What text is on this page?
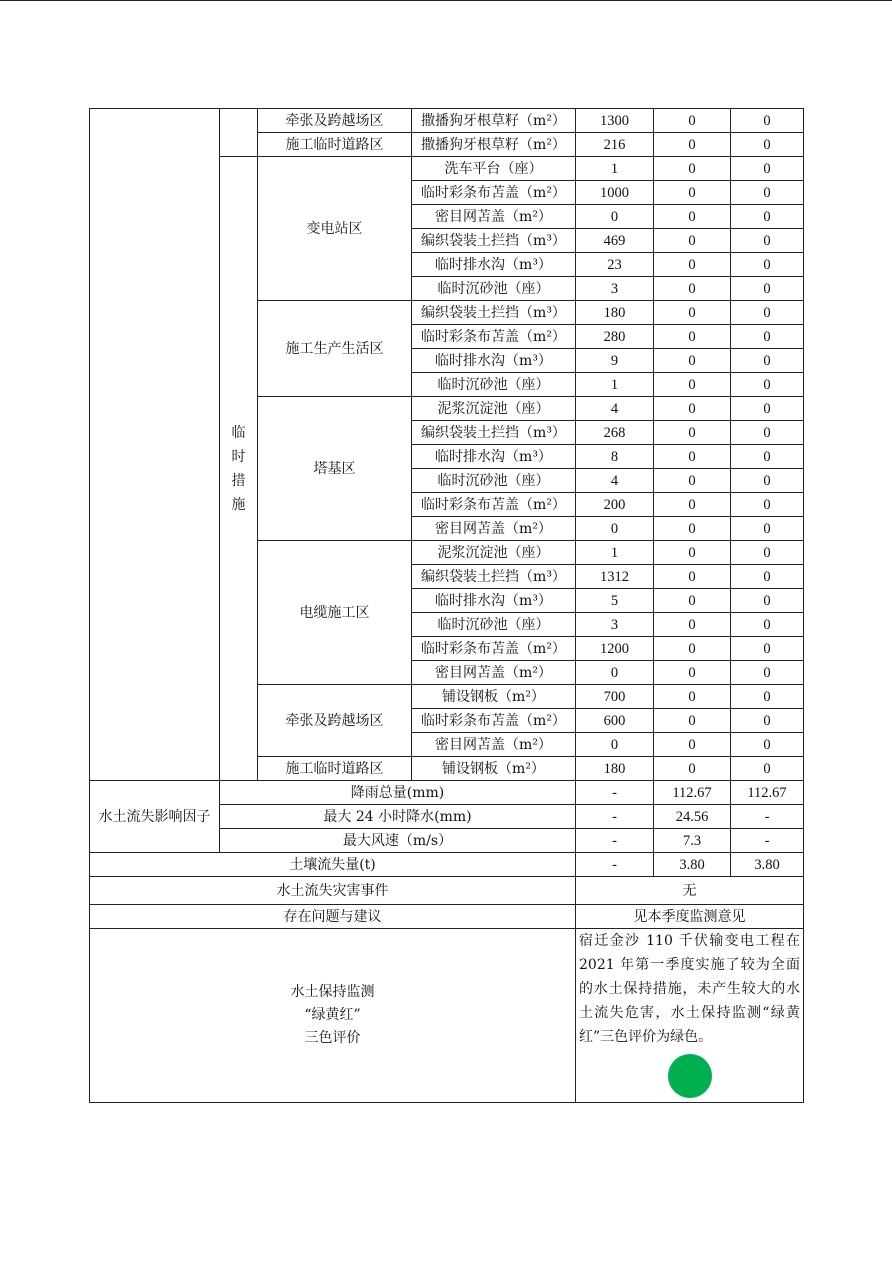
		牵张及跨越场区	撒播狗牙根草籽（m²）	1300	0	0
		施工临时道路区	撒播狗牙根草籽（m²）	216	0	0

	临
时
措
施	变电站区	洗车平台（座）	1	0	0
			临时彩条布苫盖（m²）	1000	0	0
			密目网苫盖（m²）	0	0	0
			编织袋装土拦挡（m³）	469	0	0
			临时排水沟（m³）	23	0	0
			临时沉砂池（座）	3	0	0
		施工生产生活区	编织袋装土拦挡（m³）	180	0	0
			临时彩条布苫盖（m²）	280	0	0
			临时排水沟（m³）	9	0	0
			临时沉砂池（座）	1	0	0
		塔基区	泥浆沉淀池（座）	4	0	0
			编织袋装土拦挡（m³）	268	0	0
			临时排水沟（m³）	8	0	0
			临时沉砂池（座）	4	0	0
			临时彩条布苫盖（m²）	200	0	0
			密目网苫盖（m²）	0	0	0
		电缆施工区	泥浆沉淀池（座）	1	0	0
			编织袋装土拦挡（m³）	1312	0	0
			临时排水沟（m³）	5	0	0
			临时沉砂池（座）	3	0	0
			临时彩条布苫盖（m²）	1200	0	0
			密目网苫盖（m²）	0	0	0
		牵张及跨越场区	铺设钢板（m²）	700	0	0
			临时彩条布苫盖（m²）	600	0	0
			密目网苫盖（m²）	0	0	0
		施工临时道路区	铺设钢板（m²）	180	0	0
水土流失影响因子	降雨总量(mm)			-	112.67	112.67
	最大 24 小时降水(mm)			-	24.56	-
	最大风速（m/s）			-	7.3	-
土壤流失量(t)				-	3.80	3.80
水土流失灾害事件				无		
存在问题与建议				见本季度监测意见		

水土保持监测
“绿黄红”
三色评价				宿迁金沙 110 千伏输变电工程在 2021 年第一季度实施了较为全面的水土保持措施，未产生较大的水土流失危害，水土保持监测“绿黄红”三色评价为绿色。		
